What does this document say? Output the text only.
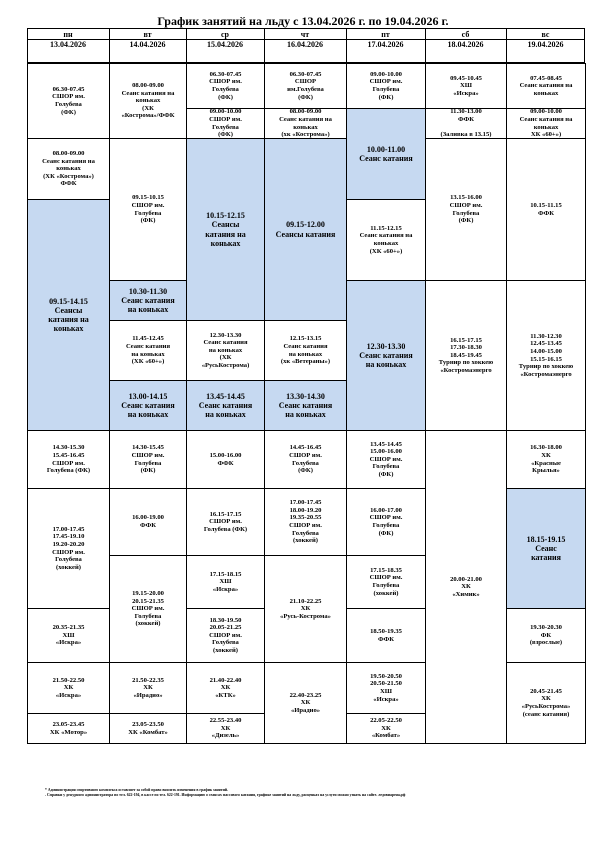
График занятий на льду с 13.04.2026 г. по 19.04.2026 г.
пн
13.04.2026
вт
14.04.2026
ср
15.04.2026
чт
16.04.2026
пт
17.04.2026
сб
18.04.2026
вс
19.04.2026
06.30-07.45
СШОР им.
Голубева
(ФК)
08.00-09.00
Сеанс катания на
коньках
(ХК «Кострома»)
ФФК
09.15-14.15
Сеансы
катания на
коньках
14.30-15.30
15.45-16.45
СШОР им.
Голубева (ФК)
17.00-17.45
17.45-19.10
19.20-20.20
СШОР им.
Голубева
(хоккей)
20.35-21.35
ХШ
«Искра»
21.50-22.50
ХК
«Искра»
23.05-23.45
ХК «Мотор»
08.00-09.00
Сеанс катания на
коньках
(ХК
«Кострома»/ФФК
09.15-10.15
СШОР им.
Голубева
(ФК)
10.30-11.30
Сеанс катания
на коньках
11.45-12.45
Сеанс катания
на коньках
(ХК «60+»)
13.00-14.15
Сеанс катания
на коньках
14.30-15.45
СШОР им.
Голубева
(ФК)
16.00-19.00
ФФК
19.15-20.00
20.15-21.35
СШОР им.
Голубева
(хоккей)
21.50-22.35
ХК
«Ирадио»
23.05-23.50
ХК «Комбат»
06.30-07.45
СШОР им.
Голубева
(ФК)
09.00-10.00
СШОР им.
Голубева
(ФК)
10.15-12.15
Сеансы
катания на
коньках
12.30-13.30
Сеанс катания
на коньках
(ХК
«РусьКострома)
13.45-14.45
Сеанс катания
на коньках
15.00-16.00
ФФК
16.15-17.15
СШОР им.
Голубева (ФК)
17.15-18.15
ХШ
«Искра»
18.30-19.50
20.05-21.25
СШОР им.
Голубева
(хоккей)
21.40-22.40
ХК
«КТК»
22.55-23.40
ХК
«Дизель»
06.30-07.45
СШОР
им.Голубева
(ФК)
08.00-09.00
Сеанс катания на
коньках
(хк «Кострома»)
09.15-12.00
Сеансы катания
12.15-13.15
Сеанс катания
на коньках
(хк «Ветераны»)
13.30-14.30
Сеанс катания
на коньках
14.45-16.45
СШОР им.
Голубева
(ФК)
17.00-17.45
18.00-19.20
19.35-20.55
СШОР им.
Голубева
(хоккей)
21.10-22.25
ХК
«Русь-Кострома»
22.40-23.25
ХК
«Ирадио»
09.00-10.00
СШОР им.
Голубева
(ФК)
10.00-11.00
Сеанс катания
11.15-12.15
Сеанс катания на
коньках
(ХК «60+»)
12.30-13.30
Сеанс катания
на коньках
13.45-14.45
15.00-16.00
СШОР им.
Голубева
(ФК)
16.00-17.00
СШОР им.
Голубева
(ФК)
17.15-18.35
СШОР им.
Голубева
(хоккей)
18.50-19.35
ФФК
19.50-20.50
20.50-21.50
ХШ
«Искра»
22.05-22.50
ХК
«Комбат»
09.45-10.45
ХШ
«Искра»
11.30-13.00
ФФК

(Заливка в 13.15)
13.15-16.00
СШОР им.
Голубева
(ФК)
16.15-17.15
17.30-18.30
18.45-19.45
Турнир по хоккею
«Костромаэнерго
20.00-21.00
ХК
«Химик»
07.45-08.45
Сеанс катания на
коньках
09.00-10.00
Сеанс катания на
коньках
ХК «60+»)
10.15-11.15
ФФК
11.30-12.30
12.45-13.45
14.00-15.00
15.15-16.15
Турнир по хоккею
«Костромаэнерго
16.30-18.00
ХК
«Красные
Крылья»
18.15-19.15
Сеанс
катания
19.30-20.30
ФК
(взрослые)
20.45-21.45
ХК
«РусьКострома»
(сеанс катания)
* Администрация спортивного комплекса оставляет за собой право вносить изменения в график занятий.
. Справки у дежурного администратора по тел. 622-194, в кассе по тел. 622-191. Информацию о сеансах массового катания, графике занятий на льду, расценках на услуги можно узнать на сайте. ледовиарена.рф
